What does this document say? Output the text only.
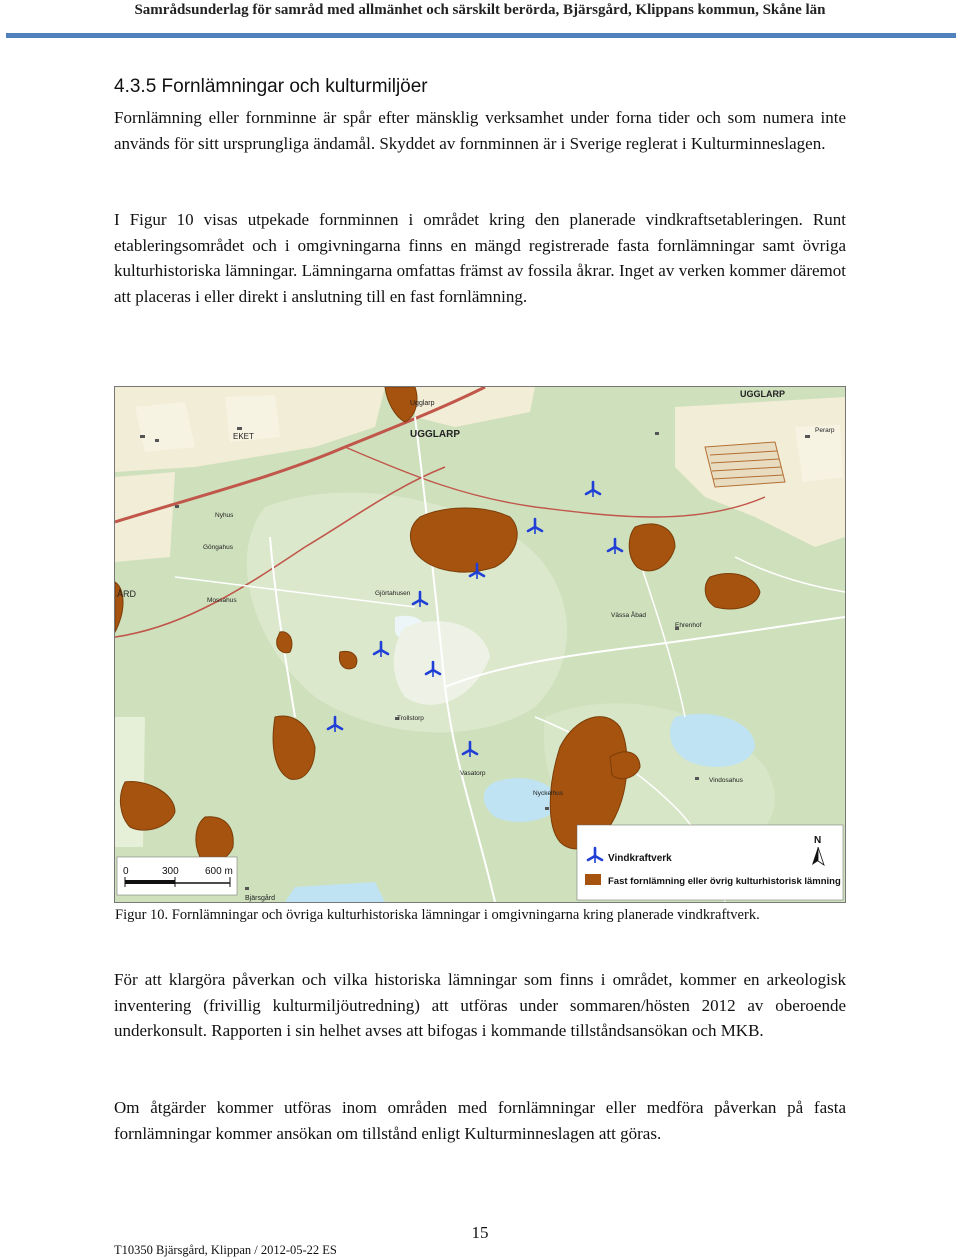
Samrådsunderlag för samråd med allmänhet och särskilt berörda, Bjärsgård, Klippans kommun, Skåne län
4.3.5 Fornlämningar och kulturmiljöer

Fornlämning eller fornminne är spår efter mänsklig verksamhet under forna tider och som numera inte används för sitt ursprungliga ändamål. Skyddet av fornminnen är i Sverige reglerat i Kulturminneslagen.

I Figur 10 visas utpekade fornminnen i området kring den planerade vindkraftsetableringen. Runt etableringsområdet och i omgivningarna finns en mängd registrerade fasta fornlämningar samt övriga kulturhistoriska lämningar. Lämningarna omfattas främst av fossila åkrar. Inget av verken kommer däremot att placeras i eller direkt i anslutning till en fast fornlämning.

UGGLARP
Ugglarp
UGGLARP
EKET
Nyhus
Göngahus
ÅRD
Mossahus
Gjörtahusen
Vässa Åbad
Perarp
Ehrenhof
Trollstorp
Vasatorp
Nyckelhus
Vindosahus
Bjärsgård
0	300	600 m
Vindkraftverk
Fast fornlämning eller övrig kulturhistorisk lämning
N
Figur 10. Fornlämningar och övriga kulturhistoriska lämningar i omgivningarna kring planerade vindkraftverk.

För att klargöra påverkan och vilka historiska lämningar som finns i området, kommer en arkeologisk inventering (frivillig kulturmiljöutredning) att utföras under sommaren/hösten 2012 av oberoende underkonsult. Rapporten i sin helhet avses att bifogas i kommande tillståndsansökan och MKB.

Om åtgärder kommer utföras inom områden med fornlämningar eller medföra påverkan på fasta fornlämningar kommer ansökan om tillstånd enligt Kulturminneslagen att göras.

15
T10350 Bjärsgård, Klippan / 2012-05-22 ES
